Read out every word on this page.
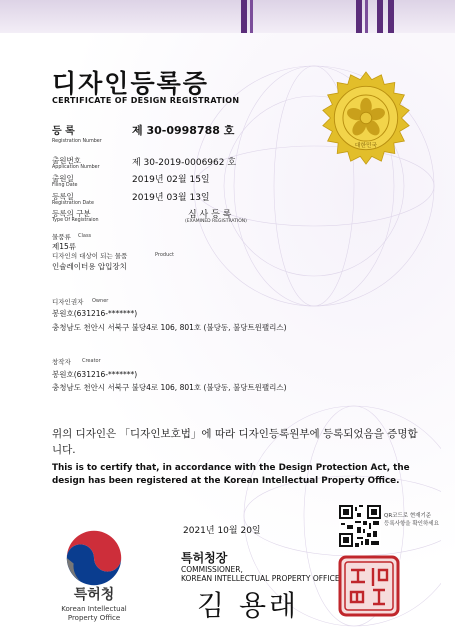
디자인등록증
CERTIFICATE OF DESIGN REGISTRATION
대한민국
등 록
Registration Number
제 30-0998788 호
출원번호
Application Number	제 30-2019-0006962 호
출원일
Filing Date
2019년 02월 15일
등록일
Registration Date
2019년 03월 13일
등록의 구분
Type Of Registraion
심 사 등 록
(EXAMINED REGISTRATION)
물품류 Class
제15류
디자인의 대상이 되는 물품	Product
인슐레이터용 압입장치
디자인권자 Owner
봉원호(631216-*******)
충청남도 천안시 서북구 불당4로 106, 801호 (불당동, 불당트윈팰리스)
창작자 Creator
봉원호(631216-*******)
충청남도 천안시 서북구 불당4로 106, 801호 (불당동, 불당트윈팰리스)
위의 디자인은 「디자인보호법」에 따라 디자인등록원부에 등록되었음을 증명합니다.
This is to certify that, in accordance with the Design Protection Act, the design has been registered at the Korean Intellectual Property Office.
특허청
Korean Intellectual
Property Office
2021년 10월 20일
특허청장
COMMISSIONER,
KOREAN INTELLECTUAL PROPERTY OFFICE
김 용래
QR코드로 현재기준
등록사항을 확인하세요
